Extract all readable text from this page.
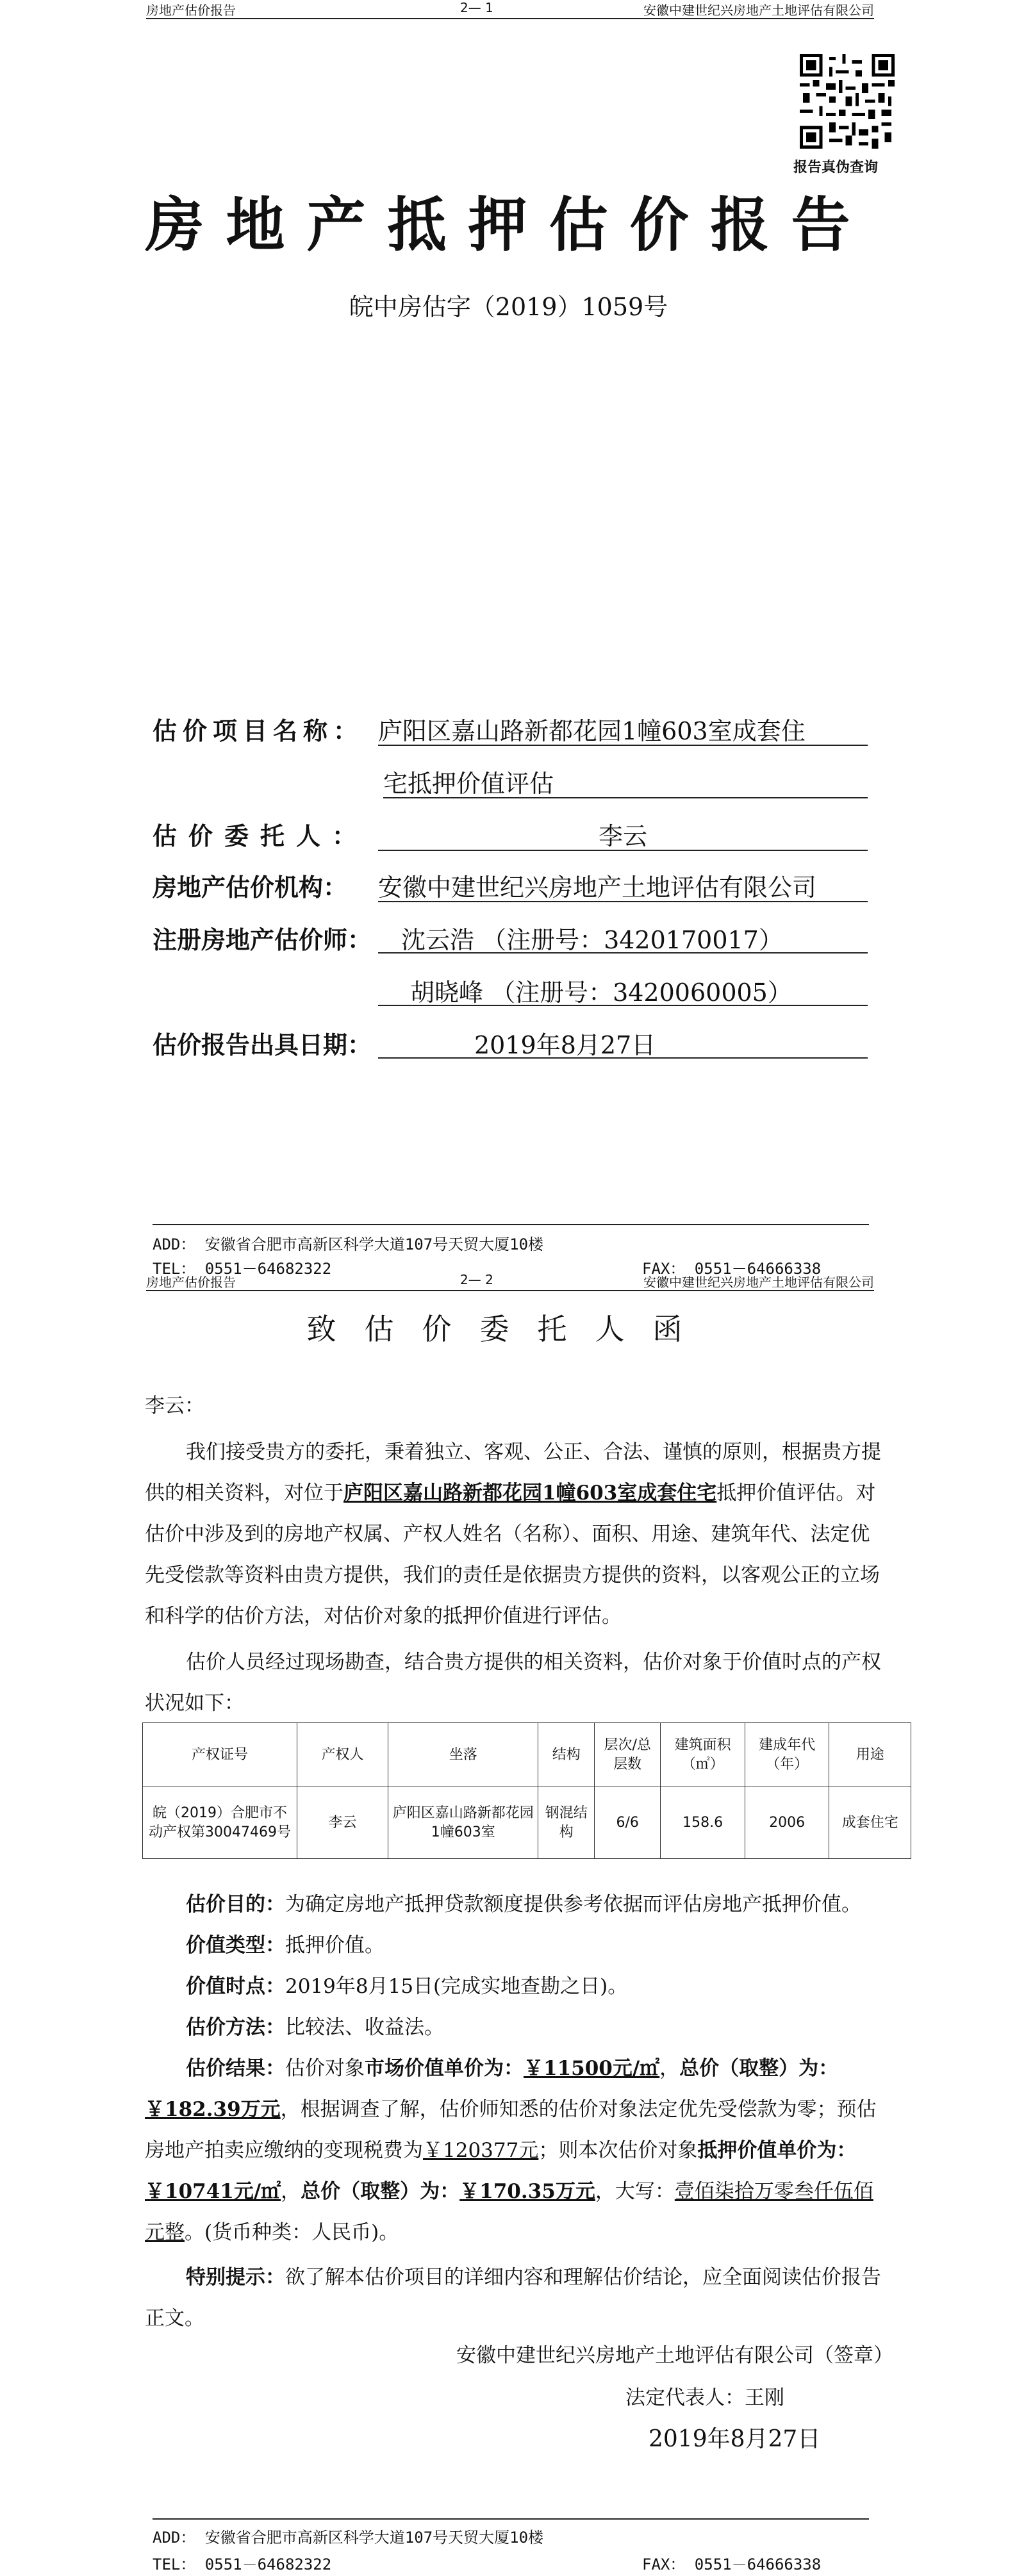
房地产估价报告	2— 1	安徽中建世纪兴房地产土地评估有限公司
报告真伪查询
房地产抵押估价报告
皖中房估字（2019）1059号
估价项目名称： 庐阳区嘉山路新都花园1幢603室成套住
宅抵押价值评估
估价委托人：	李云
房地产估价机构： 安徽中建世纪兴房地产土地评估有限公司
注册房地产估价师：	沈云浩 （注册号：3420170017）
胡晓峰 （注册号：3420060005）
估价报告出具日期：	2019年8月27日
ADD： 安徽省合肥市高新区科学大道107号天贸大厦10楼
TEL： 0551－64682322	FAX： 0551－64666338
房地产估价报告	2— 2	安徽中建世纪兴房地产土地评估有限公司
致估价委托人函
李云：
我们接受贵方的委托，秉着独立、客观、公正、合法、谨慎的原则，根据贵方提供的相关资料，对位于庐阳区嘉山路新都花园1幢603室成套住宅抵押价值评估。对估价中涉及到的房地产权属、产权人姓名（名称）、面积、用途、建筑年代、法定优先受偿款等资料由贵方提供，我们的责任是依据贵方提供的资料，以客观公正的立场和科学的估价方法，对估价对象的抵押价值进行评估。
估价人员经过现场勘查，结合贵方提供的相关资料，估价对象于价值时点的产权状况如下：
产权证号	产权人	坐落	结构	层次/总层数	建筑面积（㎡）	建成年代（年）	用途
皖（2019）合肥市不动产权第30047469号	李云	庐阳区嘉山路新都花园1幢603室	钢混结构	6/6	158.6	2006	成套住宅
估价目的：为确定房地产抵押贷款额度提供参考依据而评估房地产抵押价值。
价值类型：抵押价值。
价值时点：2019年8月15日(完成实地查勘之日)。
估价方法：比较法、收益法。
估价结果：估价对象市场价值单价为：￥11500元/㎡，总价（取整）为：￥182.39万元，根据调查了解，估价师知悉的估价对象法定优先受偿款为零；预估房地产拍卖应缴纳的变现税费为￥120377元；则本次估价对象抵押价值单价为：￥10741元/㎡，总价（取整）为：￥170.35万元，大写：壹佰柒拾万零叁仟伍佰元整。(货币种类：人民币)。
特别提示：欲了解本估价项目的详细内容和理解估价结论，应全面阅读估价报告正文。
安徽中建世纪兴房地产土地评估有限公司（签章）
法定代表人：王刚
2019年8月27日
ADD： 安徽省合肥市高新区科学大道107号天贸大厦10楼
TEL： 0551－64682322	FAX： 0551－64666338
